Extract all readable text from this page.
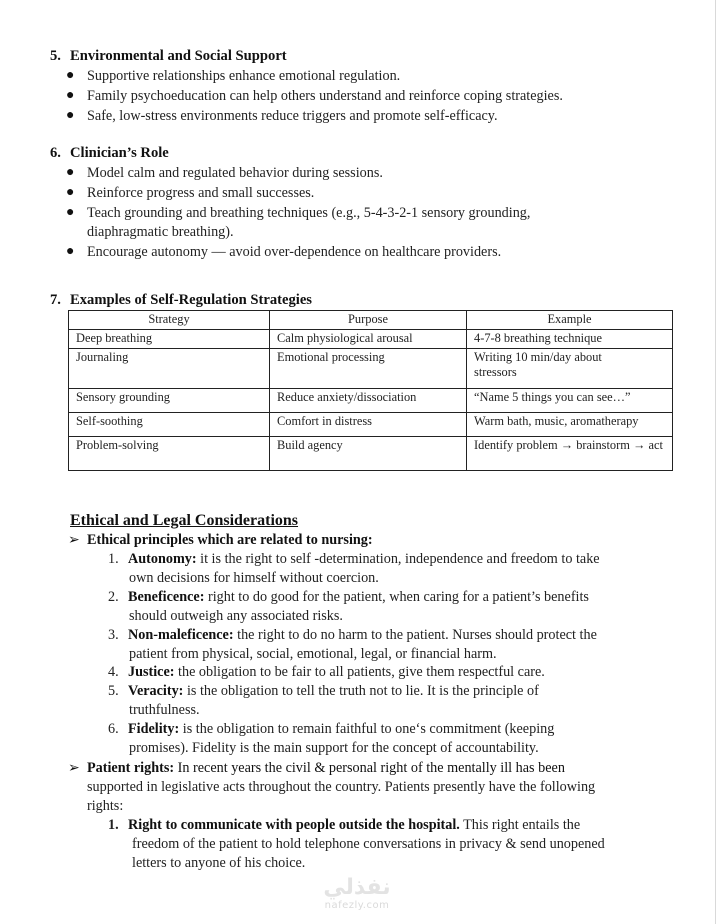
5. Environmental and Social Support
● Supportive relationships enhance emotional regulation.
● Family psychoeducation can help others understand and reinforce coping strategies.
● Safe, low-stress environments reduce triggers and promote self-efficacy.
6. Clinician’s Role
● Model calm and regulated behavior during sessions.
● Reinforce progress and small successes.
● Teach grounding and breathing techniques (e.g., 5-4-3-2-1 sensory grounding,
diaphragmatic breathing).
● Encourage autonomy — avoid over-dependence on healthcare providers.
7. Examples of Self-Regulation Strategies
Strategy	Purpose	Example
Deep breathing	Calm physiological arousal	4-7-8 breathing technique
Journaling	Emotional processing	Writing 10 min/day about stressors
Sensory grounding	Reduce anxiety/dissociation	“Name 5 things you can see…”
Self-soothing	Comfort in distress	Warm bath, music, aromatherapy
Problem-solving	Build agency	Identify problem → brainstorm → act
Ethical and Legal Considerations
➢ Ethical principles which are related to nursing:
1. Autonomy: it is the right to self -determination, independence and freedom to take
own decisions for himself without coercion.
2. Beneficence: right to do good for the patient, when caring for a patient’s benefits
should outweigh any associated risks.
3. Non-maleficence: the right to do no harm to the patient. Nurses should protect the
patient from physical, social, emotional, legal, or financial harm.
4. Justice: the obligation to be fair to all patients, give them respectful care.
5. Veracity: is the obligation to tell the truth not to lie. It is the principle of
truthfulness.
6. Fidelity: is the obligation to remain faithful to one‘s commitment (keeping
promises). Fidelity is the main support for the concept of accountability.
➢ Patient rights: In recent years the civil & personal right of the mentally ill has been
supported in legislative acts throughout the country. Patients presently have the following
rights:
1. Right to communicate with people outside the hospital. This right entails the
freedom of the patient to hold telephone conversations in privacy & send unopened
letters to anyone of his choice.
نفذلي
nafezly.com
